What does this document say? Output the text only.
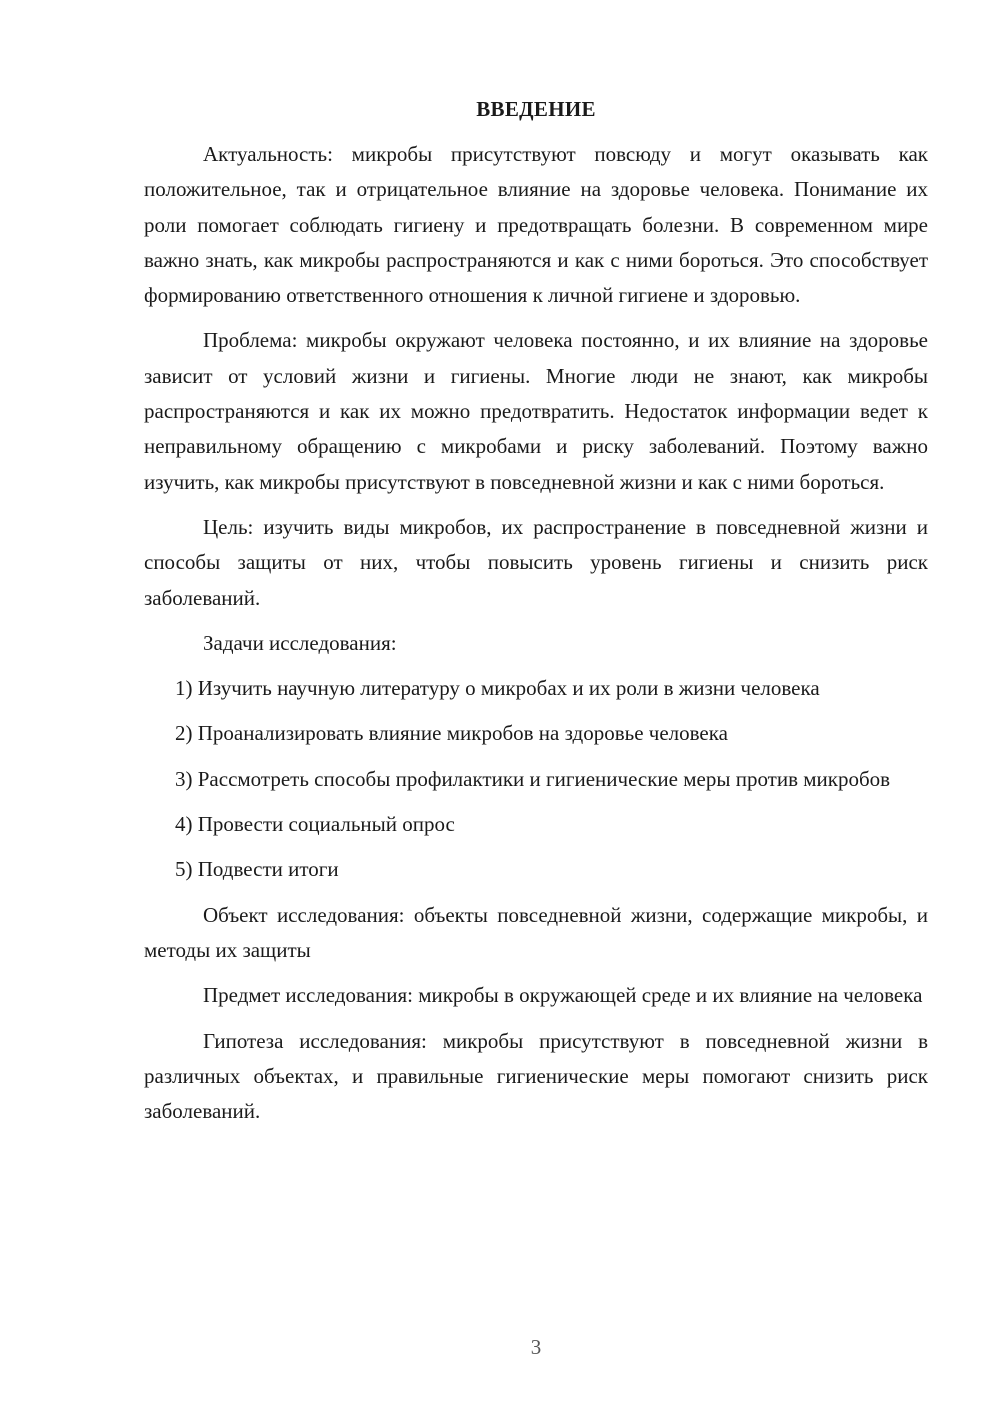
ВВЕДЕНИЕ

Актуальность: микробы присутствуют повсюду и могут оказывать как положительное, так и отрицательное влияние на здоровье человека. Понимание их роли помогает соблюдать гигиену и предотвращать болезни. В современном мире важно знать, как микробы распространяются и как с ними бороться. Это способствует формированию ответственного отношения к личной гигиене и здоровью.

Проблема: микробы окружают человека постоянно, и их влияние на здоровье зависит от условий жизни и гигиены. Многие люди не знают, как микробы распространяются и как их можно предотвратить. Недостаток информации ведет к неправильному обращению с микробами и риску заболеваний. Поэтому важно изучить, как микробы присутствуют в повседневной жизни и как с ними бороться.

Цель: изучить виды микробов, их распространение в повседневной жизни и способы защиты от них, чтобы повысить уровень гигиены и снизить риск заболеваний.

Задачи исследования:

1) Изучить научную литературу о микробах и их роли в жизни человека

2) Проанализировать влияние микробов на здоровье человека

3) Рассмотреть способы профилактики и гигиенические меры против микробов

4) Провести социальный опрос

5) Подвести итоги

Объект исследования: объекты повседневной жизни, содержащие микробы, и методы их защиты

Предмет исследования: микробы в окружающей среде и их влияние на человека

Гипотеза исследования: микробы присутствуют в повседневной жизни в различных объектах, и правильные гигиенические меры помогают снизить риск заболеваний.

3
